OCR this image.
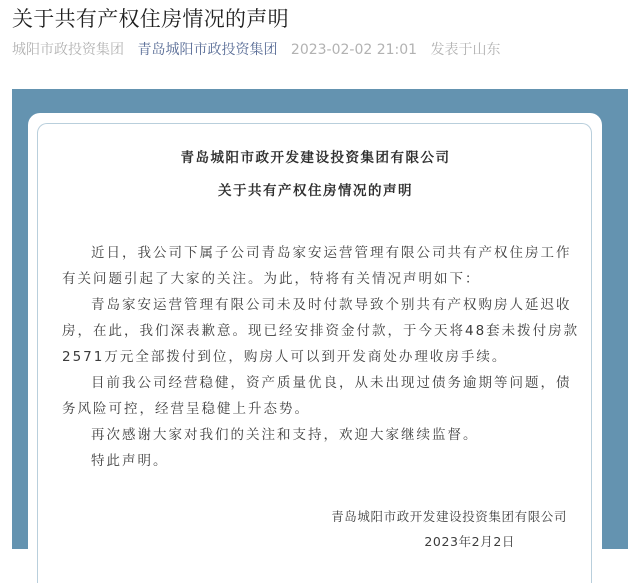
关于共有产权住房情况的声明
城阳市政投资集团 青岛城阳市政投资集团 2023-02-02 21:01 发表于山东
青岛城阳市政开发建设投资集团有限公司
关于共有产权住房情况的声明

近日，我公司下属子公司青岛家安运营管理有限公司共有产权住房工作有关问题引起了大家的关注。为此，特将有关情况声明如下：

青岛家安运营管理有限公司未及时付款导致个别共有产权购房人延迟收房，在此，我们深表歉意。现已经安排资金付款，于今天将48套未拨付房款2571万元全部拨付到位，购房人可以到开发商处办理收房手续。

目前我公司经营稳健，资产质量优良，从未出现过债务逾期等问题，债务风险可控，经营呈稳健上升态势。

再次感谢大家对我们的关注和支持，欢迎大家继续监督。

特此声明。

青岛城阳市政开发建设投资集团有限公司
2023年2月2日
